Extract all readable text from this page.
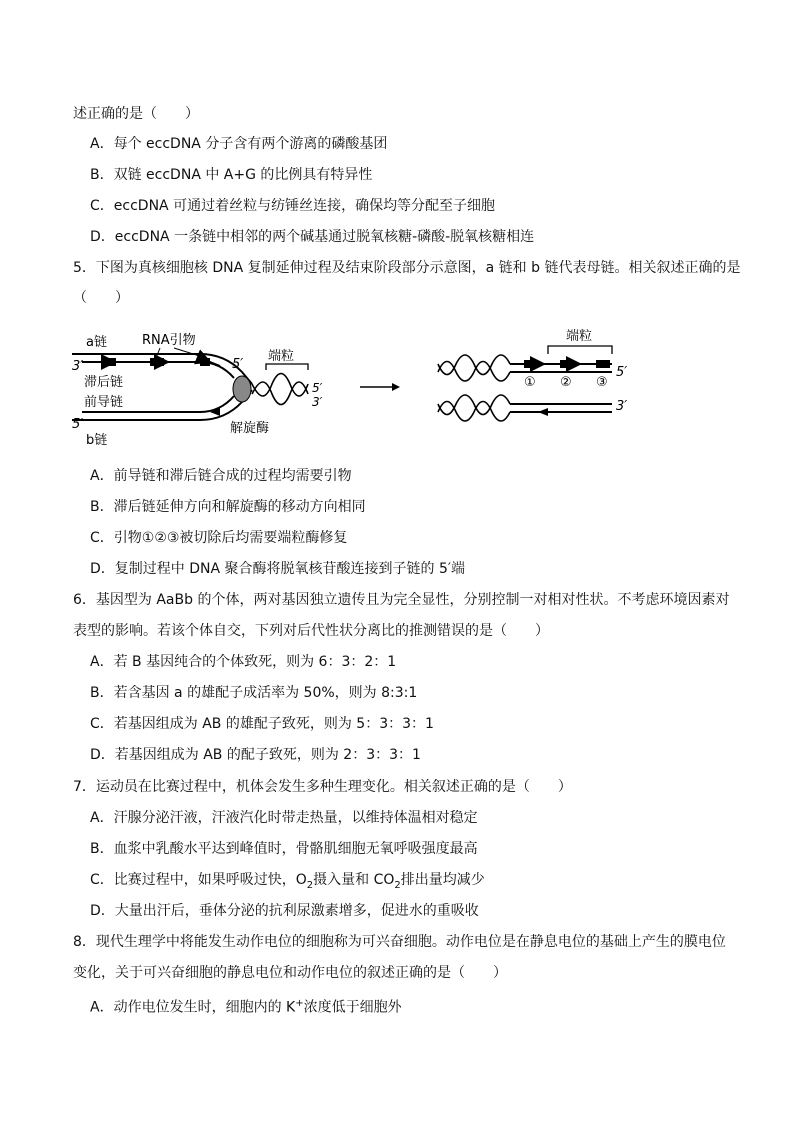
述正确的是（　　）
A．每个 eccDNA 分子含有两个游离的磷酸基团
B．双链 eccDNA 中 A+G 的比例具有特异性
C．eccDNA 可通过着丝粒与纺锤丝连接，确保均等分配至子细胞
D．eccDNA 一条链中相邻的两个碱基通过脱氧核糖-磷酸-脱氧核糖相连
5．下图为真核细胞核 DNA 复制延伸过程及结束阶段部分示意图，a 链和 b 链代表母链。相关叙述正确的是
（　　）
a链	RNA引物
3′
滞后链
前导链
5′
b链
5′
端粒
5′
3′
解旋酶
端粒
① ② ③
5′
3′
A．前导链和滞后链合成的过程均需要引物
B．滞后链延伸方向和解旋酶的移动方向相同
C．引物①②③被切除后均需要端粒酶修复
D．复制过程中 DNA 聚合酶将脱氧核苷酸连接到子链的 5′端
6．基因型为 AaBb 的个体，两对基因独立遗传且为完全显性，分别控制一对相对性状。不考虑环境因素对
表型的影响。若该个体自交，下列对后代性状分离比的推测错误的是（　　）
A．若 B 基因纯合的个体致死，则为 6：3：2：1
B．若含基因 a 的雄配子成活率为 50%，则为 8:3:1
C．若基因组成为 AB 的雄配子致死，则为 5：3：3：1
D．若基因组成为 AB 的配子致死，则为 2：3：3：1
7．运动员在比赛过程中，机体会发生多种生理变化。相关叙述正确的是（　　）
A．汗腺分泌汗液，汗液汽化时带走热量，以维持体温相对稳定
B．血浆中乳酸水平达到峰值时，骨骼肌细胞无氧呼吸强度最高
C．比赛过程中，如果呼吸过快，$O_2$摄入量和 $CO_2$排出量均减少
D．大量出汗后，垂体分泌的抗利尿激素增多，促进水的重吸收
8．现代生理学中将能发生动作电位的细胞称为可兴奋细胞。动作电位是在静息电位的基础上产生的膜电位
变化，关于可兴奋细胞的静息电位和动作电位的叙述正确的是（　　）
A．动作电位发生时，细胞内的 K+浓度低于细胞外
